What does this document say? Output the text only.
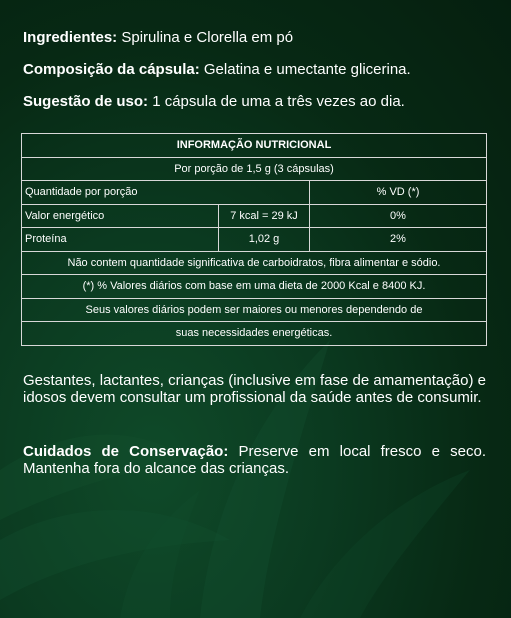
Ingredientes: Spirulina e Clorella em pó
Composição da cápsula: Gelatina e umectante glicerina.
Sugestão de uso: 1 cápsula de uma a três vezes ao dia.
INFORMAÇÃO NUTRICIONAL		
Por porção de 1,5 g (3 cápsulas)		
Quantidade por porção		% VD (*)
Valor energético	7 kcal = 29 kJ	0%
Proteína	1,02 g	2%
Não contem quantidade significativa de carboidratos, fibra alimentar e sódio.		
(*) % Valores diários com base em uma dieta de 2000 Kcal e 8400 KJ.		
Seus valores diários podem ser maiores ou menores dependendo de		
suas necessidades energéticas.		
Gestantes, lactantes, crianças (inclusive em fase de amamentação) e idosos devem consultar um profissional da saúde antes de consumir.
Cuidados de Conservação: Preserve em local fresco e seco. Mantenha fora do alcance das crianças.
